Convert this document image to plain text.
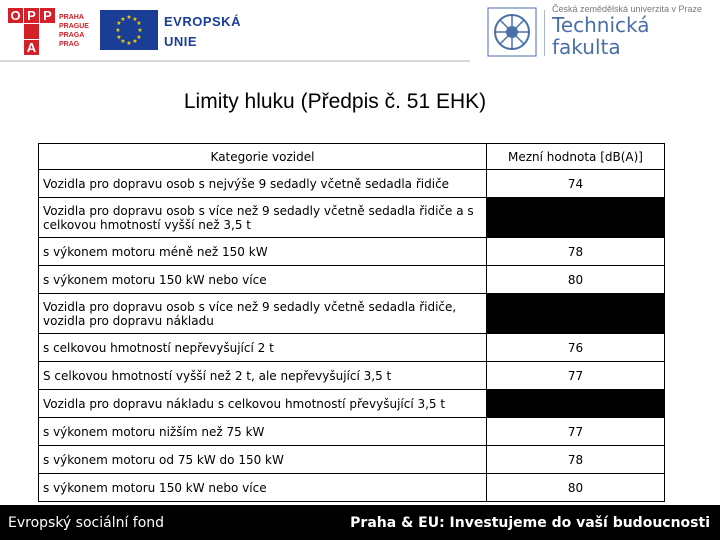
O P P
A
PRAHA
PRAGUE
PRAGA
PRAG
★ ★
★
★
★
★
★
★
★
★
★
★	EVROPSKÁ
UNIE
Česká zemědělská univerzita v Praze
Technická
fakulta
Limity hluku (Předpis č. 51 EHK)
Kategorie vozidel	Mezní hodnota [dB(A)]
Vozidla pro dopravu osob s nejvýše 9 sedadly včetně sedadla řidiče	74
Vozidla pro dopravu osob s více než 9 sedadly včetně sedadla řidiče a s celkovou hmotností vyšší než 3,5 t	
s výkonem motoru méně než 150 kW	78
s výkonem motoru 150 kW nebo více	80
Vozidla pro dopravu osob s více než 9 sedadly včetně sedadla řidiče, vozidla pro dopravu nákladu	
s celkovou hmotností nepřevyšující 2 t	76
S celkovou hmotností vyšší než 2 t, ale nepřevyšující 3,5 t	77
Vozidla pro dopravu nákladu s celkovou hmotností převyšující 3,5 t	
s výkonem motoru nižším než 75 kW	77
s výkonem motoru od 75 kW do 150 kW	78
s výkonem motoru 150 kW nebo více	80
Evropský sociální fond	Praha & EU: Investujeme do vaší budoucnosti
